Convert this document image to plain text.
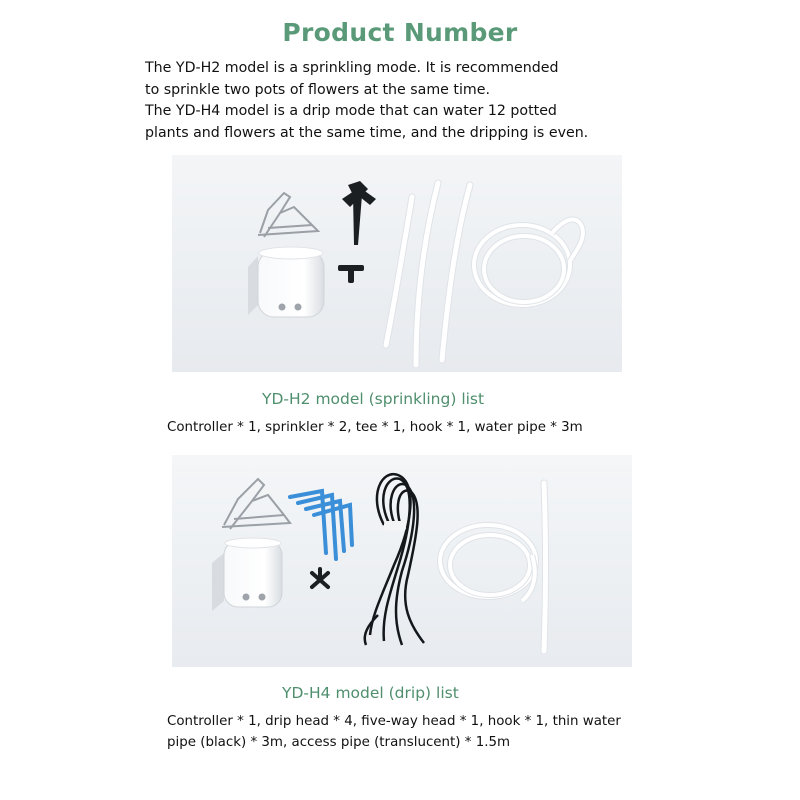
Product Number
The YD-H2 model is a sprinkling mode. It is recommended
to sprinkle two pots of flowers at the same time.
The YD-H4 model is a drip mode that can water 12 potted
plants and flowers at the same time, and the dripping is even.
YD-H2 model (sprinkling) list
Controller * 1, sprinkler * 2, tee * 1, hook * 1, water pipe * 3m
YD-H4 model (drip) list
Controller * 1, drip head * 4, five-way head * 1, hook * 1, thin water
pipe (black) * 3m, access pipe (translucent) * 1.5m
